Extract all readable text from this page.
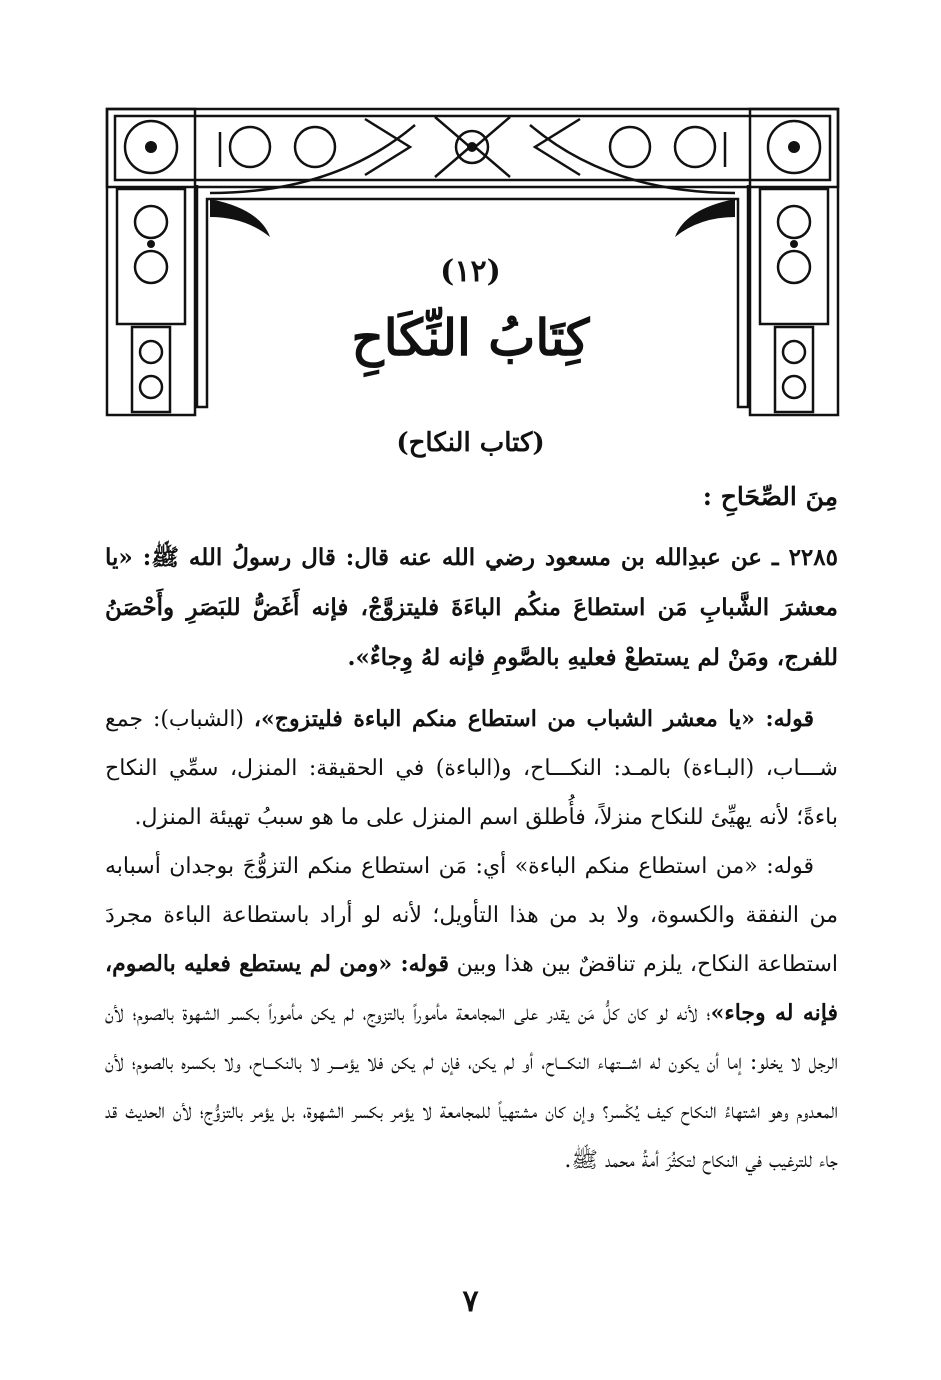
(١٢)
كِتَابُ النِّكَاحِ
(كتاب النكاح)
مِنَ الصِّحَاحِ :

٢٢٨٥ ـ عن عبدِالله بن مسعود رضي الله عنه قال: قال رسولُ الله ﷺ: «يا معشرَ الشَّبابِ مَن استطاعَ منكُم الباءَةَ فليتزوَّجْ، فإنه أَغَضُّ للبَصَرِ وأَحْصَنُ للفرج، ومَنْ لم يستطعْ فعليهِ بالصَّومِ فإنه لهُ وِجاءٌ».

قوله: «يا معشر الشباب من استطاع منكم الباءة فليتزوج»، (الشباب): جمع شـــاب، (البـاءة) بالمـد: النكـــاح، و(الباءة) في الحقيقة: المنزل، سمِّي النكاح باءةً؛ لأنه يهيِّئ للنكاح منزلاً، فأُطلق اسم المنزل على ما هو سببُ تهيئة المنزل.

قوله: «من استطاع منكم الباءة» أي: مَن استطاع منكم التزوُّجَ بوجدان أسبابه من النفقة والكسوة، ولا بد من هذا التأويل؛ لأنه لو أراد باستطاعة الباءة مجردَ استطاعة النكاح، يلزم تناقضٌ بين هذا وبين قوله: «ومن لم يستطع فعليه بالصوم، فإنه له وجاء»؛ لأنه لو كان كلُّ مَن يقدر على المجامعة مأموراً بالتزوج، لم يكن مأموراً بكسر الشهوة بالصوم؛ لأن الرجل لا يخلو: إما أن يكون له اشـــتهاء النكـــاح، أو لم يكن، فإن لم يكن فلا يؤمـــر لا بالنكـــاح، ولا بكسره بالصوم؛ لأن المعدوم وهو اشتهاءُ النكاح كيف يُكْسر؟ وإن كان مشتهياً للمجامعة لا يؤمر بكسر الشهوة، بل يؤمر بالتزوُّج؛ لأن الحديث قد جاء للترغيب في النكاح لتكثُرَ أمةُ محمد ﷺ.

٧
